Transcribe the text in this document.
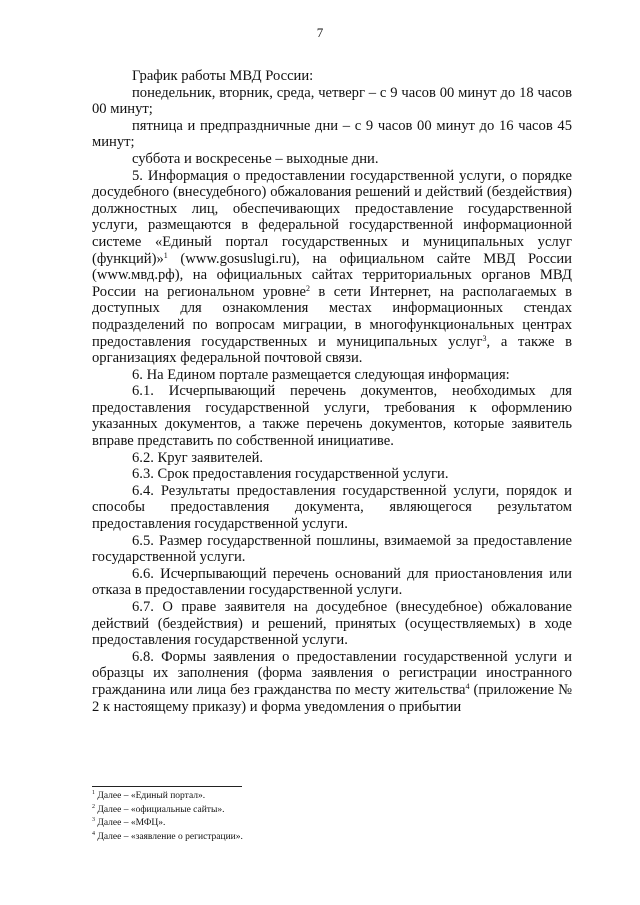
7

График работы МВД России:

понедельник, вторник, среда, четверг – с 9 часов 00 минут до 18 часов 00 минут;

пятница и предпраздничные дни – с 9 часов 00 минут до 16 часов 45 минут;

суббота и воскресенье – выходные дни.

5. Информация о предоставлении государственной услуги, о порядке досудебного (внесудебного) обжалования решений и действий (бездействия) должностных лиц, обеспечивающих предоставление государственной услуги, размещаются в федеральной государственной информационной системе «Единый портал государственных и муниципальных услуг (функций)»$^1$ (www.gosuslugi.ru), на официальном сайте МВД России (www.мвд.рф), на официальных сайтах территориальных органов МВД России на региональном уровне$^2$ в сети Интернет, на располагаемых в доступных для ознакомления местах информационных стендах подразделений по вопросам миграции, в многофункциональных центрах предоставления государственных и муниципальных услуг$^3$, а также в организациях федеральной почтовой связи.

6. На Едином портале размещается следующая информация:

6.1. Исчерпывающий перечень документов, необходимых для предоставления государственной услуги, требования к оформлению указанных документов, а также перечень документов, которые заявитель вправе представить по собственной инициативе.

6.2. Круг заявителей.

6.3. Срок предоставления государственной услуги.

6.4. Результаты предоставления государственной услуги, порядок и способы предоставления документа, являющегося результатом предоставления государственной услуги.

6.5. Размер государственной пошлины, взимаемой за предоставление государственной услуги.

6.6. Исчерпывающий перечень оснований для приостановления или отказа в предоставлении государственной услуги.

6.7. О праве заявителя на досудебное (внесудебное) обжалование действий (бездействия) и решений, принятых (осуществляемых) в ходе предоставления государственной услуги.

6.8. Формы заявления о предоставлении государственной услуги и образцы их заполнения (форма заявления о регистрации иностранного гражданина или лица без гражданства по месту жительства$^4$ (приложение № 2 к настоящему приказу) и форма уведомления о прибытии

$^1$ Далее – «Единый портал».
$^2$ Далее – «официальные сайты».
$^3$ Далее – «МФЦ».
$^4$ Далее – «заявление о регистрации».
